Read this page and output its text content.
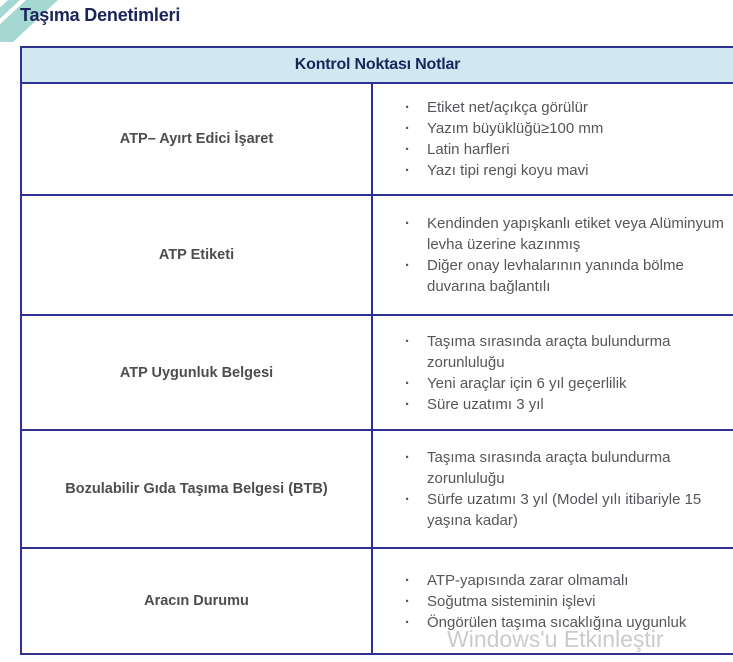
Taşıma Denetimleri
Windows'u Etkinleştir
Kontrol Noktası Notlar
ATP– Ayırt Edici İşaret
· Etiket net/açıkça görülür
· Yazım büyüklüğü≥100 mm
· Latin harfleri
· Yazı tipi rengi koyu mavi
ATP Etiketi
· Kendinden yapışkanlı etiket veya Alüminyum levha üzerine kazınmış
· Diğer onay levhalarının yanında bölme duvarına bağlantılı
ATP Uygunluk Belgesi
· Taşıma sırasında araçta bulundurma zorunluluğu
· Yeni araçlar için 6 yıl geçerlilik
· Süre uzatımı 3 yıl
Bozulabilir Gıda Taşıma Belgesi (BTB)
· Taşıma sırasında araçta bulundurma zorunluluğu
· Sürfe uzatımı 3 yıl (Model yılı itibariyle 15 yaşına kadar)
Aracın Durumu
· ATP-yapısında zarar olmamalı
· Soğutma sisteminin işlevi
· Öngörülen taşıma sıcaklığına uygunluk
